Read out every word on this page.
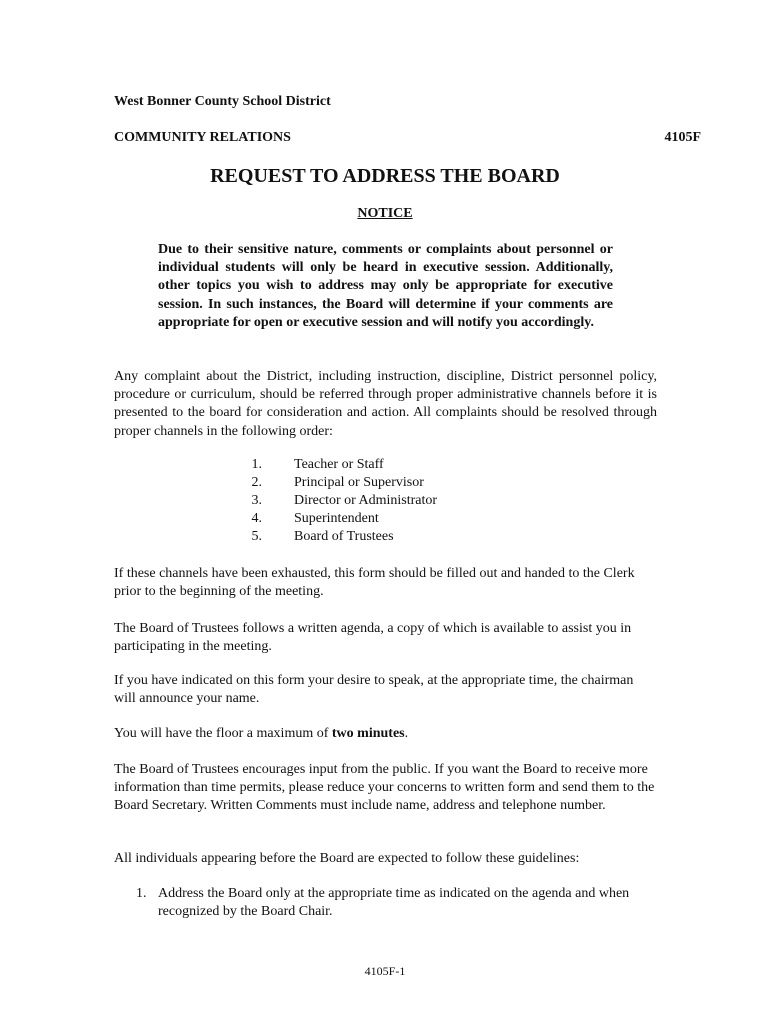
West Bonner County School District
COMMUNITY RELATIONS	4105F
REQUEST TO ADDRESS THE BOARD
NOTICE

Due to their sensitive nature, comments or complaints about personnel or individual students will only be heard in executive session. Additionally, other topics you wish to address may only be appropriate for executive session. In such instances, the Board will determine if your comments are appropriate for open or executive session and will notify you accordingly.

Any complaint about the District, including instruction, discipline, District personnel policy, procedure or curriculum, should be referred through proper administrative channels before it is presented to the board for consideration and action. All complaints should be resolved through proper channels in the following order:

1. Teacher or Staff
2. Principal or Supervisor
3. Director or Administrator
4. Superintendent
5. Board of Trustees

If these channels have been exhausted, this form should be filled out and handed to the Clerk prior to the beginning of the meeting.

The Board of Trustees follows a written agenda, a copy of which is available to assist you in participating in the meeting.

If you have indicated on this form your desire to speak, at the appropriate time, the chairman will announce your name.

You will have the floor a maximum of two minutes.

The Board of Trustees encourages input from the public. If you want the Board to receive more information than time permits, please reduce your concerns to written form and send them to the Board Secretary. Written Comments must include name, address and telephone number.

All individuals appearing before the Board are expected to follow these guidelines:

1. Address the Board only at the appropriate time as indicated on the agenda and when recognized by the Board Chair.
4105F-1
